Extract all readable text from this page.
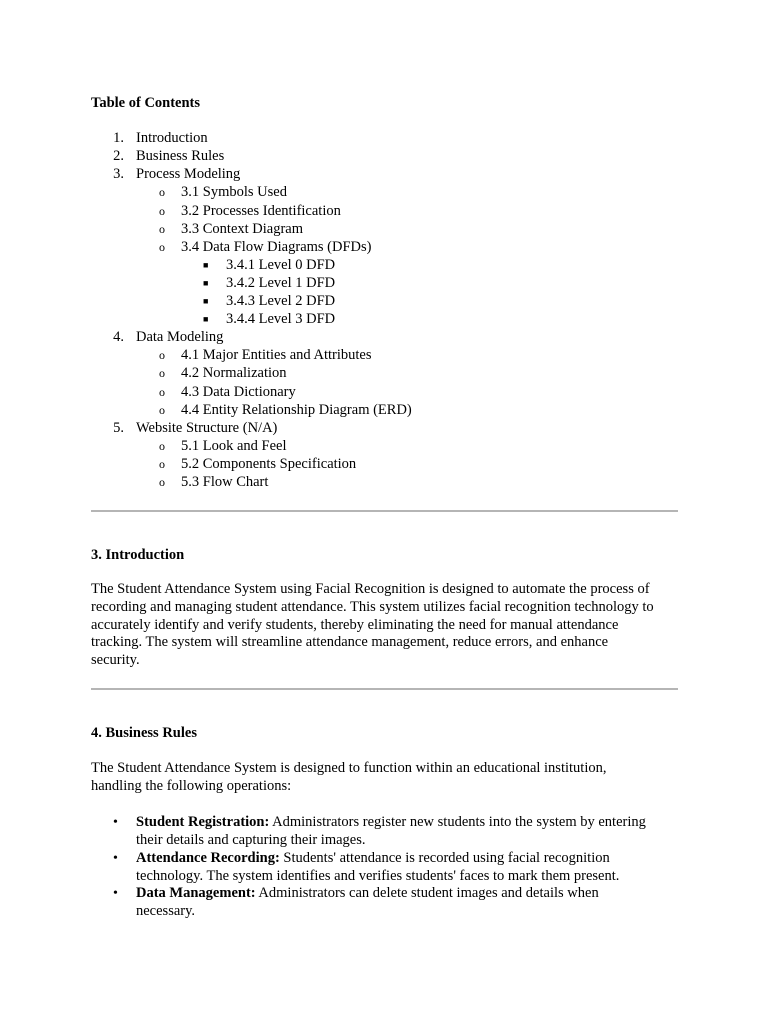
Table of Contents
1. Introduction
2. Business Rules
3. Process Modeling
o 3.1 Symbols Used
o 3.2 Processes Identification
o 3.3 Context Diagram
o 3.4 Data Flow Diagrams (DFDs)
■ 3.4.1 Level 0 DFD
■ 3.4.2 Level 1 DFD
■ 3.4.3 Level 2 DFD
■ 3.4.4 Level 3 DFD
4. Data Modeling
o 4.1 Major Entities and Attributes
o 4.2 Normalization
o 4.3 Data Dictionary
o 4.4 Entity Relationship Diagram (ERD)
5. Website Structure (N/A)
o 5.1 Look and Feel
o 5.2 Components Specification
o 5.3 Flow Chart
3. Introduction
The Student Attendance System using Facial Recognition is designed to automate the process of
recording and managing student attendance. This system utilizes facial recognition technology to
accurately identify and verify students, thereby eliminating the need for manual attendance
tracking. The system will streamline attendance management, reduce errors, and enhance
security.
4. Business Rules
The Student Attendance System is designed to function within an educational institution,
handling the following operations:
• Student Registration: Administrators register new students into the system by entering
their details and capturing their images.
• Attendance Recording: Students' attendance is recorded using facial recognition
technology. The system identifies and verifies students' faces to mark them present.
• Data Management: Administrators can delete student images and details when
necessary.
